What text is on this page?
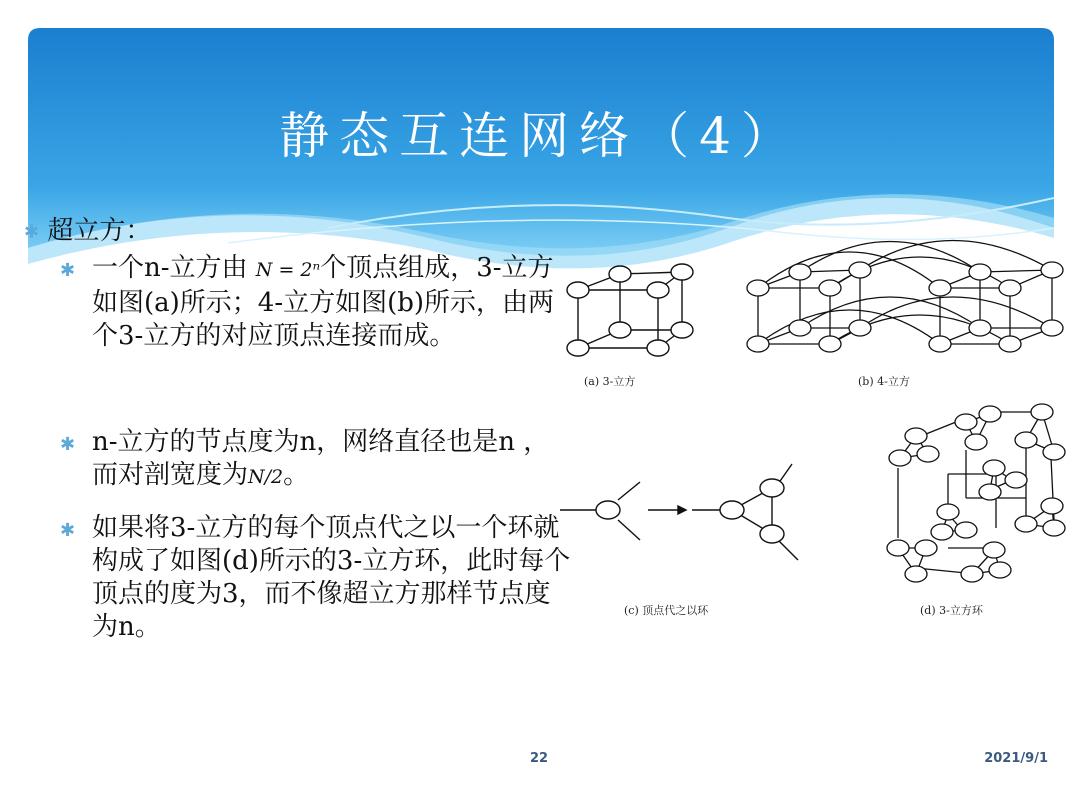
静态互连网络（4）
✱ 超立方：
✱ 一个n-立方由 N = 2ⁿ个顶点组成，3-立方如图(a)所示；4-立方如图(b)所示，由两个3-立方的对应顶点连接而成。
✱ n-立方的节点度为n，网络直径也是n ，而对剖宽度为N/2。
✱ 如果将3-立方的每个顶点代之以一个环就构成了如图(d)所示的3-立方环，此时每个顶点的度为3，而不像超立方那样节点度为n。
(a) 3-立方	(b) 4-立方
(c) 顶点代之以环	(d) 3-立方环
22	2021/9/1
